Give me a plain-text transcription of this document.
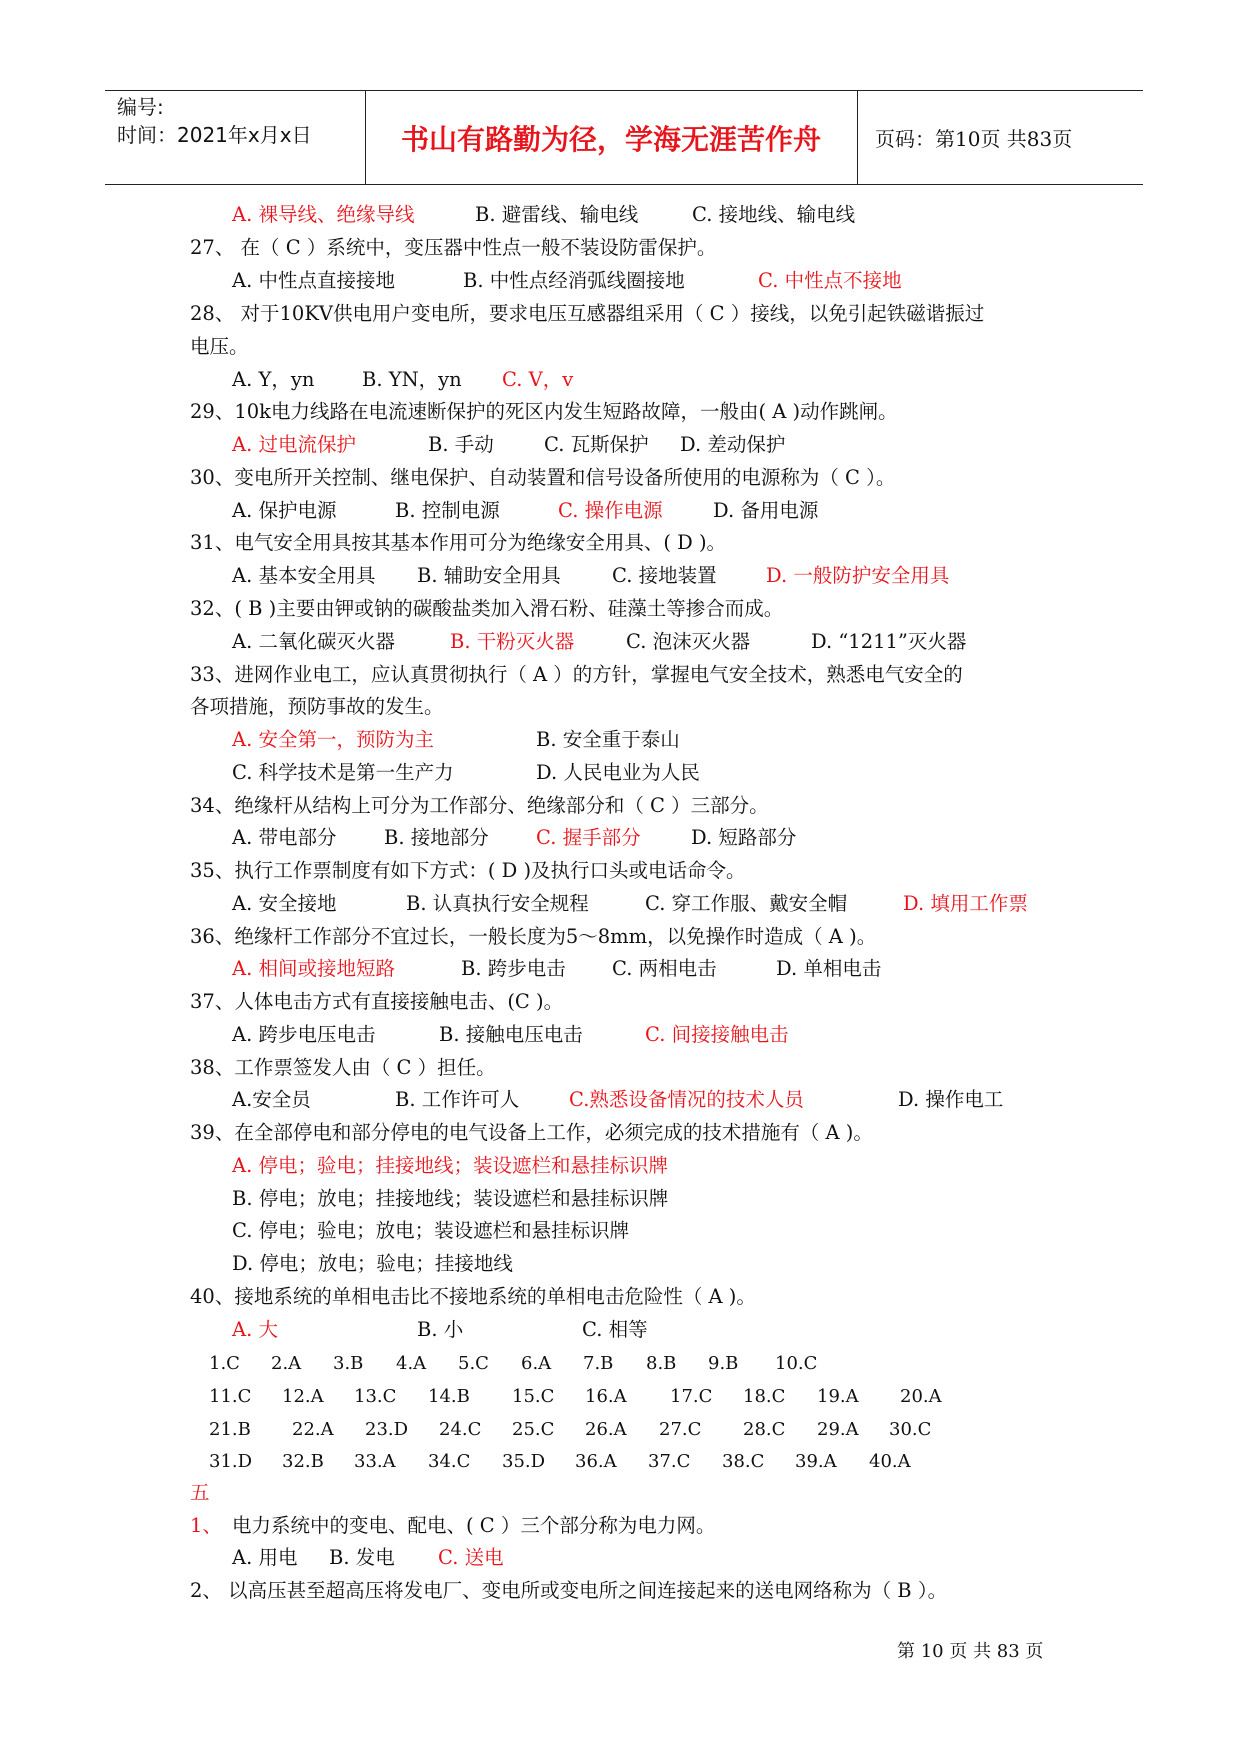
编号:
时间：2021年x月x日	书山有路勤为径，学海无涯苦作舟	页码：第10页 共83页
A. 裸导线、绝缘导线	B. 避雷线、输电线	C. 接地线、输电线
27、 在（ C ）系统中，变压器中性点一般不装设防雷保护。
A. 中性点直接接地	B. 中性点经消弧线圈接地	C. 中性点不接地
28、 对于10KV供电用户变电所，要求电压互感器组采用（ C ）接线，以免引起铁磁谐振过
电压。
A. Y，yn B. YN，yn C. V，v
29、10k电力线路在电流速断保护的死区内发生短路故障，一般由( A )动作跳闸。
A. 过电流保护	B. 手动	C. 瓦斯保护 D. 差动保护
30、变电所开关控制、继电保护、自动装置和信号设备所使用的电源称为（ C ）。
A. 保护电源	B. 控制电源	C. 操作电源	D. 备用电源
31、电气安全用具按其基本作用可分为绝缘安全用具、( D )。
A. 基本安全用具 B. 辅助安全用具	C. 接地装置	D. 一般防护安全用具
32、( B )主要由钾或钠的碳酸盐类加入滑石粉、硅藻土等掺合而成。
A. 二氧化碳灭火器	B. 干粉灭火器	C. 泡沫灭火器	D. “1211”灭火器
33、进网作业电工，应认真贯彻执行（ A ）的方针，掌握电气安全技术，熟悉电气安全的
各项措施，预防事故的发生。
A. 安全第一，预防为主	B. 安全重于泰山
C. 科学技术是第一生产力	D. 人民电业为人民
34、绝缘杆从结构上可分为工作部分、绝缘部分和（ C ）三部分。
A. 带电部分 B. 接地部分 C. 握手部分	D. 短路部分
35、执行工作票制度有如下方式：( D )及执行口头或电话命令。
A. 安全接地	B. 认真执行安全规程	C. 穿工作服、戴安全帽	D. 填用工作票
36、绝缘杆工作部分不宜过长，一般长度为5～8mm，以免操作时造成（ A )。
A. 相间或接地短路	B. 跨步电击 C. 两相电击	D. 单相电击
37、人体电击方式有直接接触电击、(C )。
A. 跨步电压电击	B. 接触电压电击	C. 间接接触电击
38、工作票签发人由（ C ）担任。
A.安全员	B. 工作许可人	C.熟悉设备情况的技术人员	D. 操作电工
39、在全部停电和部分停电的电气设备上工作，必须完成的技术措施有（ A )。
A. 停电；验电；挂接地线；装设遮栏和悬挂标识牌
B. 停电；放电；挂接地线；装设遮栏和悬挂标识牌
C. 停电；验电；放电；装设遮栏和悬挂标识牌
D. 停电；放电；验电；挂接地线
40、接地系统的单相电击比不接地系统的单相电击危险性（ A )。
A. 大	B. 小	C. 相等
五
1、 电力系统中的变电、配电、( C ）三个部分称为电力网。
A. 用电 B. 发电 C. 送电
2、 以高压甚至超高压将发电厂、变电所或变电所之间连接起来的送电网络称为（ B ）。
1.C 2.A 3.B 4.A 5.C 6.A 7.B 8.B 9.B 10.C
11.C 12.A 13.C 14.B 15.C 16.A 17.C 18.C 19.A 20.A
21.B 22.A 23.D 24.C 25.C 26.A 27.C 28.C 29.A 30.C
31.D 32.B 33.A 34.C 35.D 36.A 37.C 38.C 39.A 40.A
第 10 页 共 83 页
